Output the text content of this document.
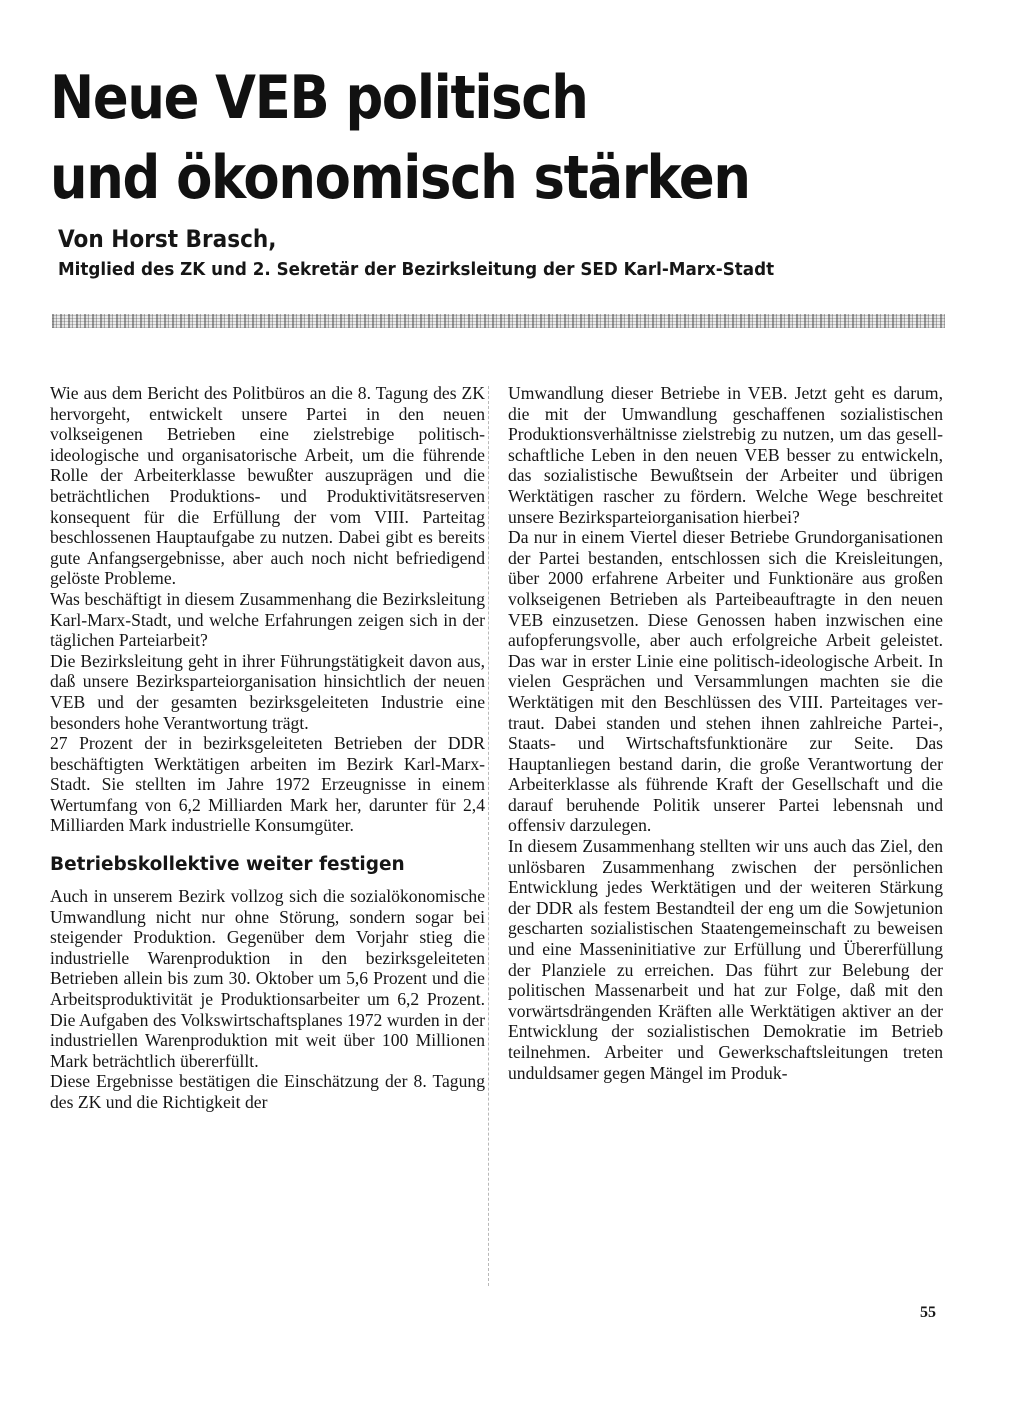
Neue VEB politisch
und ökonomisch stärken
Von Horst Brasch,
Mitglied des ZK und 2. Sekretär der Bezirksleitung der SED Karl-Marx-Stadt

Wie aus dem Bericht des Politbüros an die 8. Tagung des ZK hervorgeht, entwickelt unsere Partei in den neuen volkseigenen Betrieben eine zielstrebige politisch-ideologische und organisatorische Arbeit, um die führende Rolle der Arbeiterklasse bewußter auszuprägen und die beträchtlichen Produktions- und Produktivitätsreserven konsequent für die Erfüllung der vom VIII. Parteitag beschlossenen Hauptaufgabe zu nutzen. Dabei gibt es bereits gute Anfangsergebnisse, aber auch noch nicht befriedigend gelöste Probleme.

Was beschäftigt in diesem Zusammenhang die Bezirksleitung Karl-Marx-Stadt, und welche Erfahrungen zeigen sich in der täglichen Parteiarbeit?

Die Bezirksleitung geht in ihrer Führungstätigkeit davon aus, daß unsere Bezirksparteiorganisation hinsichtlich der neuen VEB und der gesamten bezirksgeleiteten Industrie eine besonders hohe Verantwortung trägt.

27 Prozent der in bezirksgeleiteten Betrieben der DDR beschäftigten Werktätigen arbeiten im Bezirk Karl-Marx-Stadt. Sie stellten im Jahre 1972 Erzeugnisse in einem Wertumfang von 6,2 Milliarden Mark her, darunter für 2,4 Milliarden Mark industrielle Konsumgüter.

Betriebskollektive weiter festigen

Auch in unserem Bezirk vollzog sich die sozialökonomische Umwandlung nicht nur ohne Störung, sondern sogar bei steigender Produktion. Gegenüber dem Vorjahr stieg die industrielle Warenproduktion in den bezirksgeleiteten Betrieben allein bis zum 30. Oktober um 5,6 Prozent und die Arbeitsproduktivität je Produktionsarbeiter um 6,2 Prozent. Die Aufgaben des Volkswirtschaftsplanes 1972 wurden in der industriellen Warenproduktion mit weit über 100 Millionen Mark beträchtlich übererfüllt.

Diese Ergebnisse bestätigen die Einschätzung der 8. Tagung des ZK und die Richtigkeit der

Umwandlung dieser Betriebe in VEB. Jetzt geht es darum, die mit der Umwandlung geschaffenen sozialistischen Produktionsverhältnisse zielstrebig zu nutzen, um das gesellschaftliche Leben in den neuen VEB besser zu entwickeln, das sozialistische Bewußtsein der Arbeiter und übrigen Werktätigen rascher zu fördern. Welche Wege beschreitet unsere Bezirksparteiorganisation hierbei?

Da nur in einem Viertel dieser Betriebe Grundorganisationen der Partei bestanden, entschlossen sich die Kreisleitungen, über 2000 erfahrene Arbeiter und Funktionäre aus großen volkseigenen Betrieben als Parteibeauftragte in den neuen VEB einzusetzen. Diese Genossen haben inzwischen eine aufopferungsvolle, aber auch erfolgreiche Arbeit geleistet. Das war in erster Linie eine politisch-ideologische Arbeit. In vielen Gesprächen und Versammlungen machten sie die Werktätigen mit den Beschlüssen des VIII. Parteitages vertraut. Dabei standen und stehen ihnen zahlreiche Partei-, Staats- und Wirtschaftsfunktionäre zur Seite. Das Hauptanliegen bestand darin, die große Verantwortung der Arbeiterklasse als führende Kraft der Gesellschaft und die darauf beruhende Politik unserer Partei lebensnah und offensiv darzulegen.

In diesem Zusammenhang stellten wir uns auch das Ziel, den unlösbaren Zusammenhang zwischen der persönlichen Entwicklung jedes Werktätigen und der weiteren Stärkung der DDR als festem Bestandteil der eng um die Sowjetunion gescharten sozialistischen Staatengemeinschaft zu beweisen und eine Masseninitiative zur Erfüllung und Übererfüllung der Planziele zu erreichen. Das führt zur Belebung der politischen Massenarbeit und hat zur Folge, daß mit den vorwärtsdrängenden Kräften alle Werktätigen aktiver an der Entwicklung der sozialistischen Demokratie im Betrieb teilnehmen. Arbeiter und Gewerkschaftsleitungen treten unduldsamer gegen Mängel im Produk-

55
